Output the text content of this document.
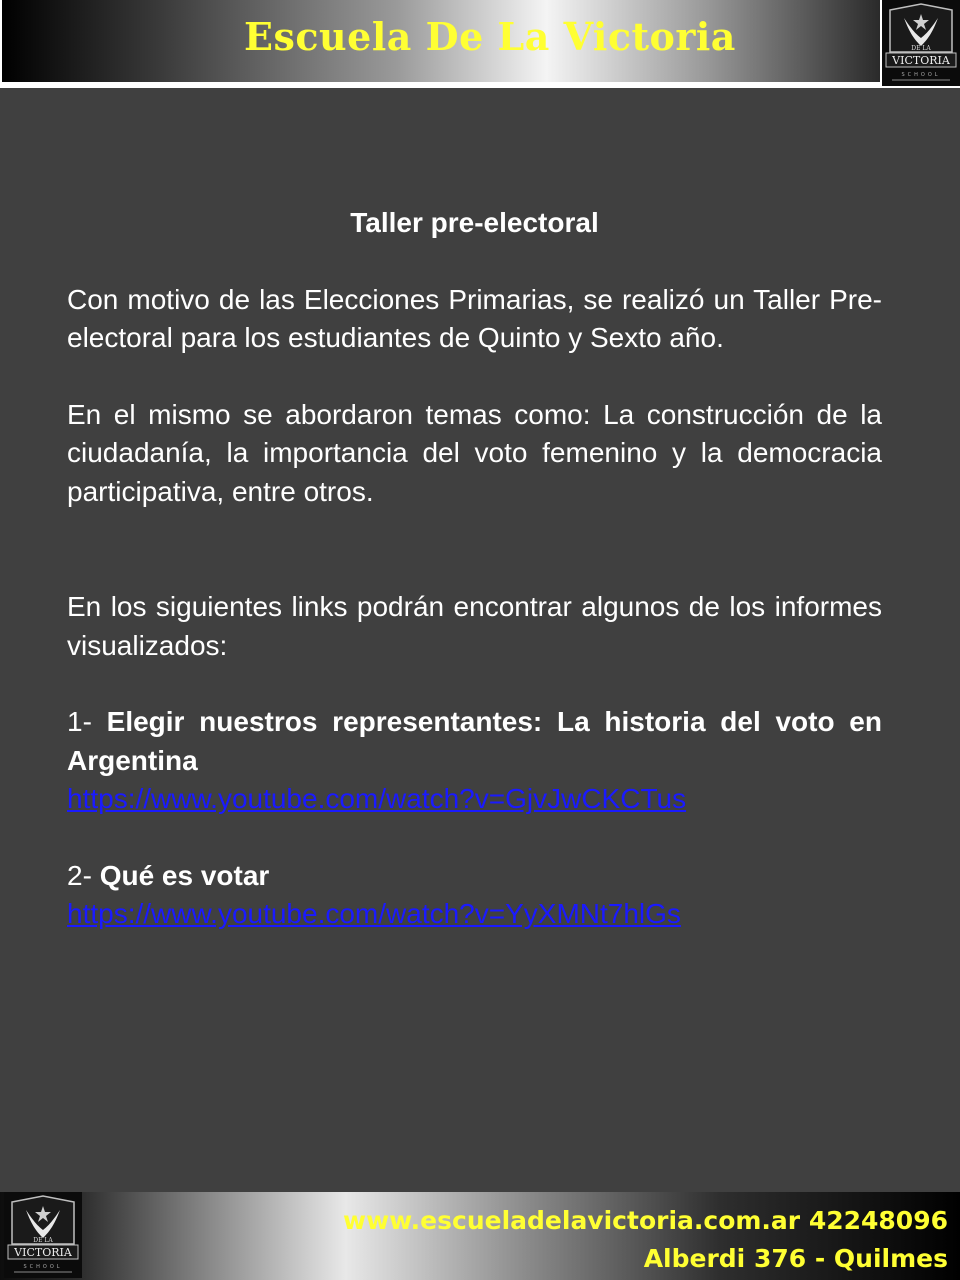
Escuela De La Victoria	DE LA
VICTORIA
SCHOOL

Taller pre-electoral

Con motivo de las Elecciones Primarias, se realizó un Taller Pre-electoral para los estudiantes de Quinto y Sexto año.

En el mismo se abordaron temas como: La construcción de la ciudadanía, la importancia del voto femenino y la democracia participativa, entre otros.

En los siguientes links podrán encontrar algunos de los informes visualizados:

1- Elegir nuestros representantes: La historia del voto en Argentina

https://www.youtube.com/watch?v=GjvJwCKCTus

2- Qué es votar

https://www.youtube.com/watch?v=YyXMNt7hlGs
www.escueladelavictoria.com.ar 42248096
Alberdi 376 - Quilmes
DE LA
VICTORIA
SCHOOL
